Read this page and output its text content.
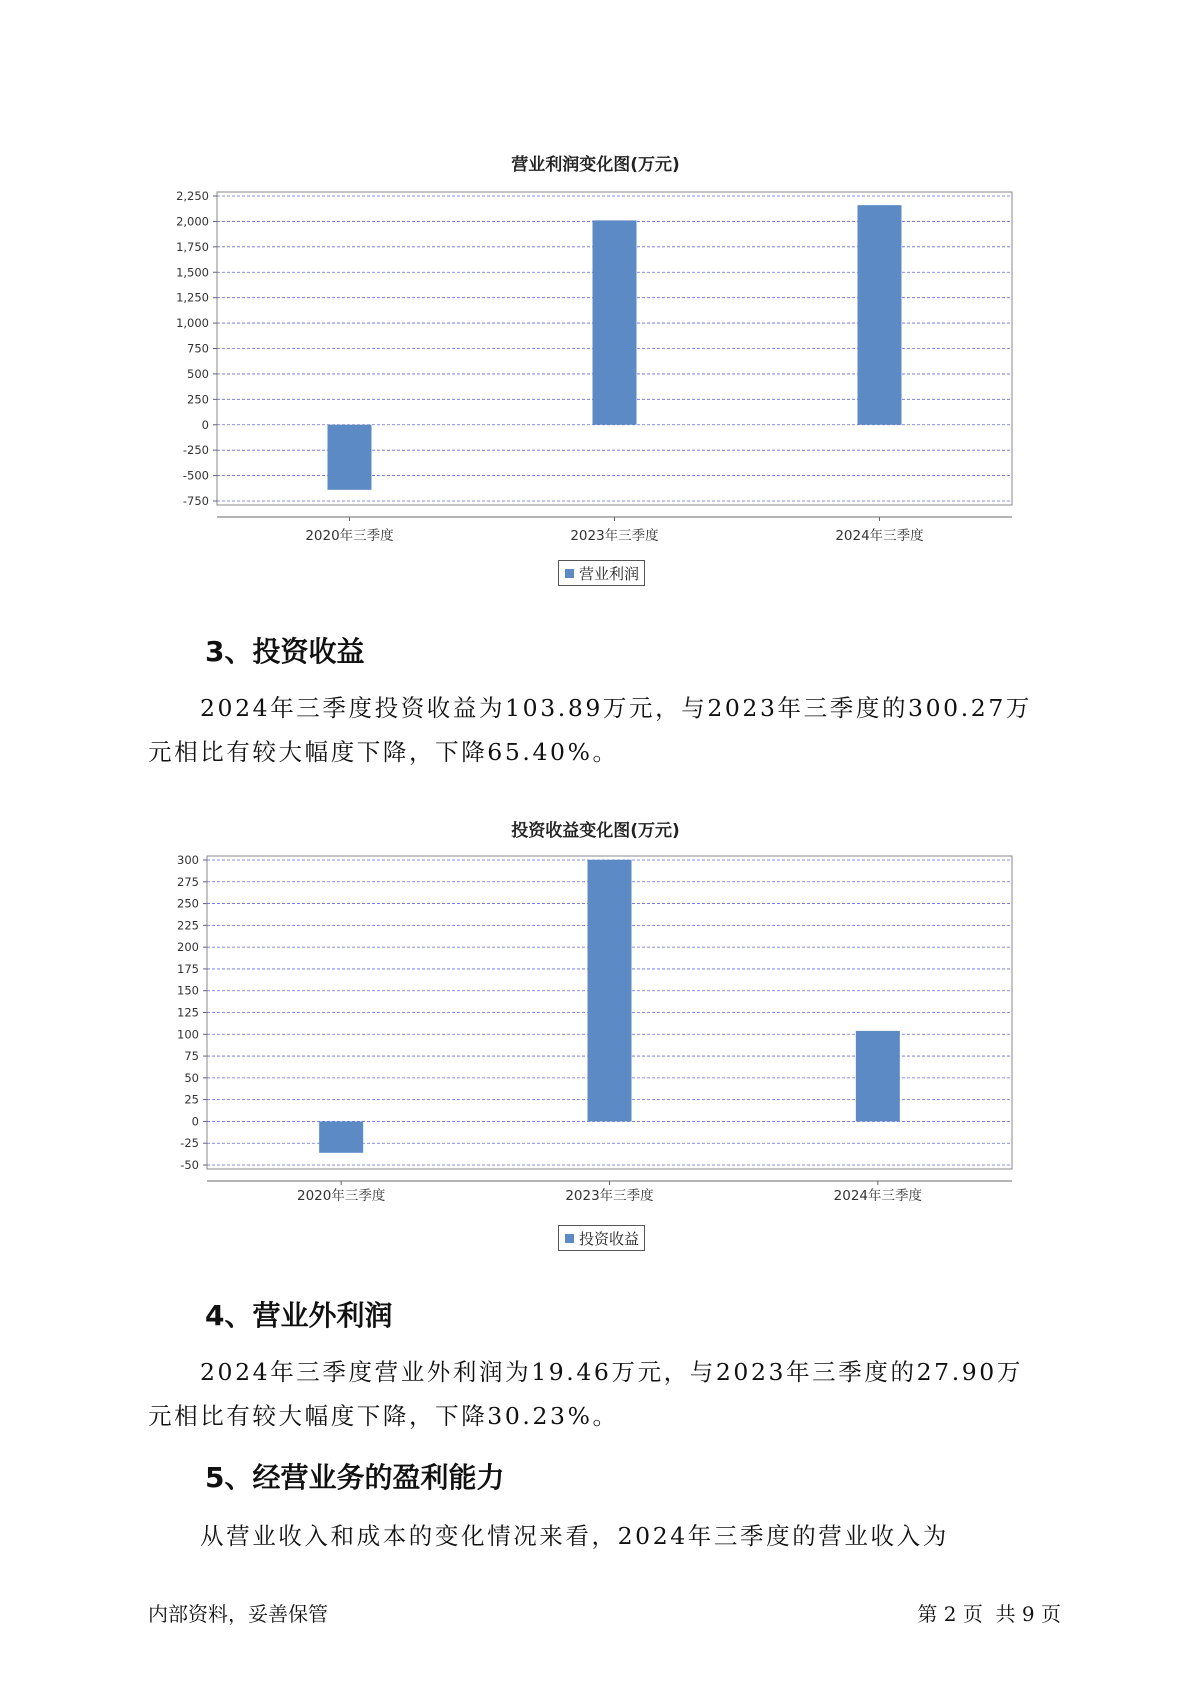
营业利润变化图(万元)
2,250
2,000
1,750
1,500
1,250
1,000
750
500
250
0
-250
-500
-750
2020年三季度	2023年三季度	2024年三季度
营业利润
3、投资收益

2024年三季度投资收益为103.89万元，与2023年三季度的300.27万元相比有较大幅度下降，下降65.40%。

投资收益变化图(万元)
300
275
250
225
200
175
150
125
100
75
50
25
0
-25
-50
2020年三季度	2023年三季度	2024年三季度
投资收益
4、营业外利润

2024年三季度营业外利润为19.46万元，与2023年三季度的27.90万元相比有较大幅度下降，下降30.23%。

5、经营业务的盈利能力

从营业收入和成本的变化情况来看，2024年三季度的营业收入为

内部资料，妥善保管	第 2 页  共 9 页
